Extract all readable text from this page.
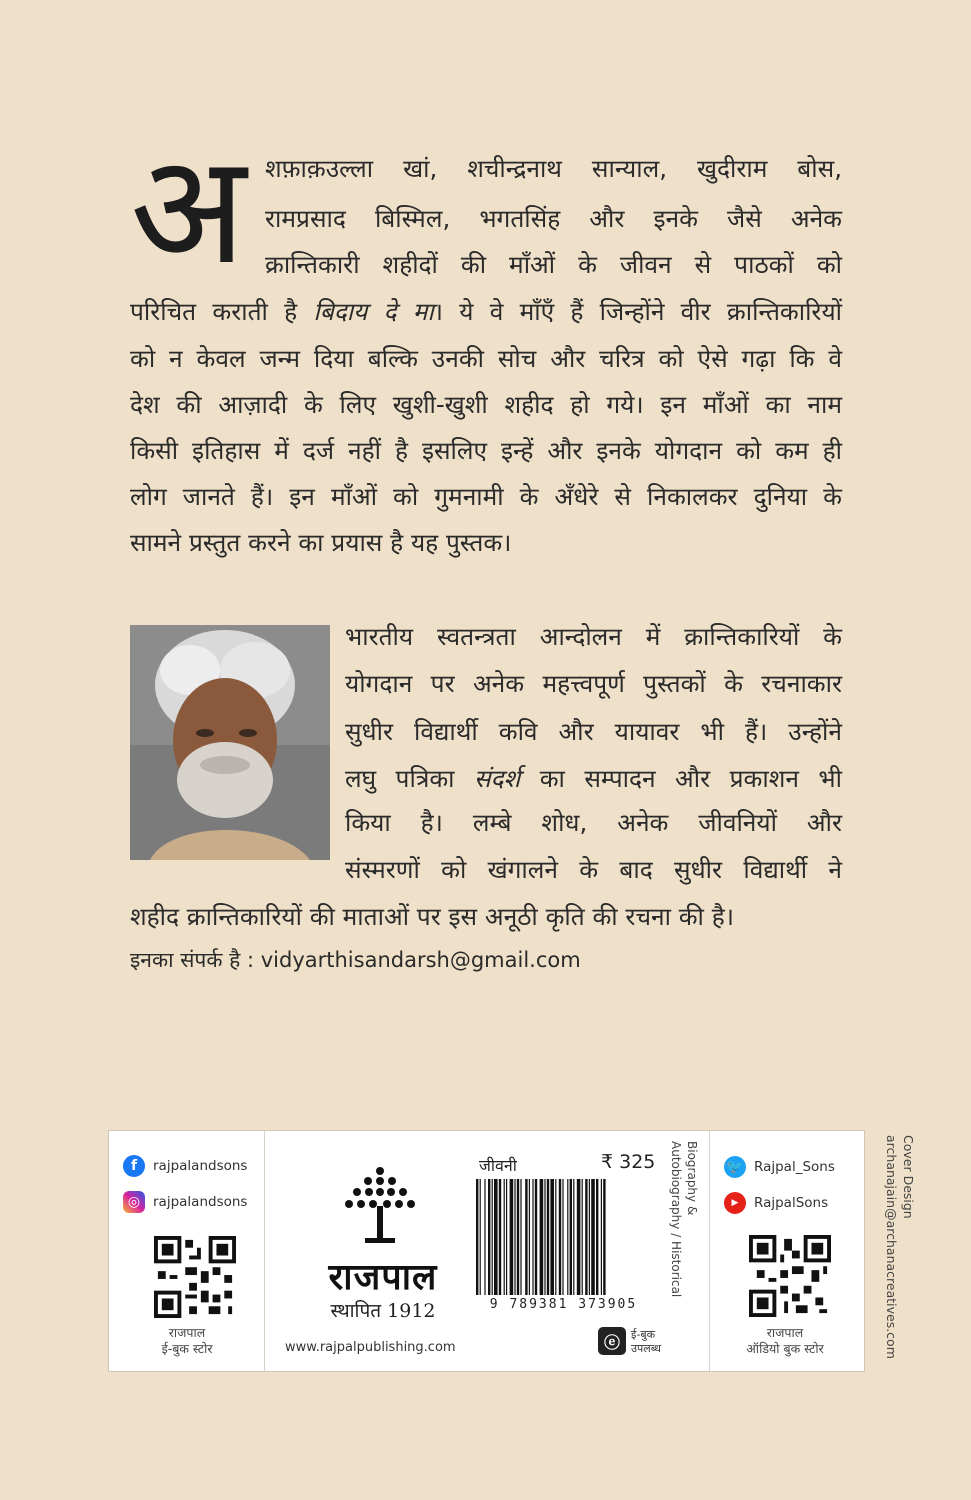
अ शफ़ाक़उल्ला खां, शचीन्द्रनाथ सान्याल, खुदीराम बोस,
रामप्रसाद बिस्मिल, भगतसिंह और इनके जैसे अनेक
क्रान्तिकारी शहीदों की माँओं के जीवन से पाठकों को
परिचित कराती है बिदाय दे मा। ये वे माँएँ हैं जिन्होंने वीर क्रान्तिकारियों
को न केवल जन्म दिया बल्कि उनकी सोच और चरित्र को ऐसे गढ़ा कि वे
देश की आज़ादी के लिए खुशी-खुशी शहीद हो गये। इन माँओं का नाम
किसी इतिहास में दर्ज नहीं है इसलिए इन्हें और इनके योगदान को कम ही
लोग जानते हैं। इन माँओं को गुमनामी के अँधेरे से निकालकर दुनिया के
सामने प्रस्तुत करने का प्रयास है यह पुस्तक।
भारतीय स्वतन्त्रता आन्दोलन में क्रान्तिकारियों के
योगदान पर अनेक महत्त्वपूर्ण पुस्तकों के रचनाकार
सुधीर विद्यार्थी कवि और यायावर भी हैं। उन्होंने
लघु पत्रिका संदर्श का सम्पादन और प्रकाशन भी
किया है। लम्बे शोध, अनेक जीवनियों और
संस्मरणों को खंगालने के बाद सुधीर विद्यार्थी ने
शहीद क्रान्तिकारियों की माताओं पर इस अनूठी कृति की रचना की है।
इनका संपर्क है : vidyarthisandarsh@gmail.com
f	rajpalandsons
◎ rajpalandsons
राजपाल
ई-बुक स्टोर
राजपाल
स्थापित 1912
www.rajpalpublishing.com
जीवनी	₹ 325
9 789381 373905
ⓔ	ई-बुक
उपलब्ध
Biography &
Autobiography / Historical	🐦 Rajpal_Sons
▶	RajpalSons
राजपाल
ऑडियो बुक स्टोर
Cover Design
archanajain@archanacreatives.com
